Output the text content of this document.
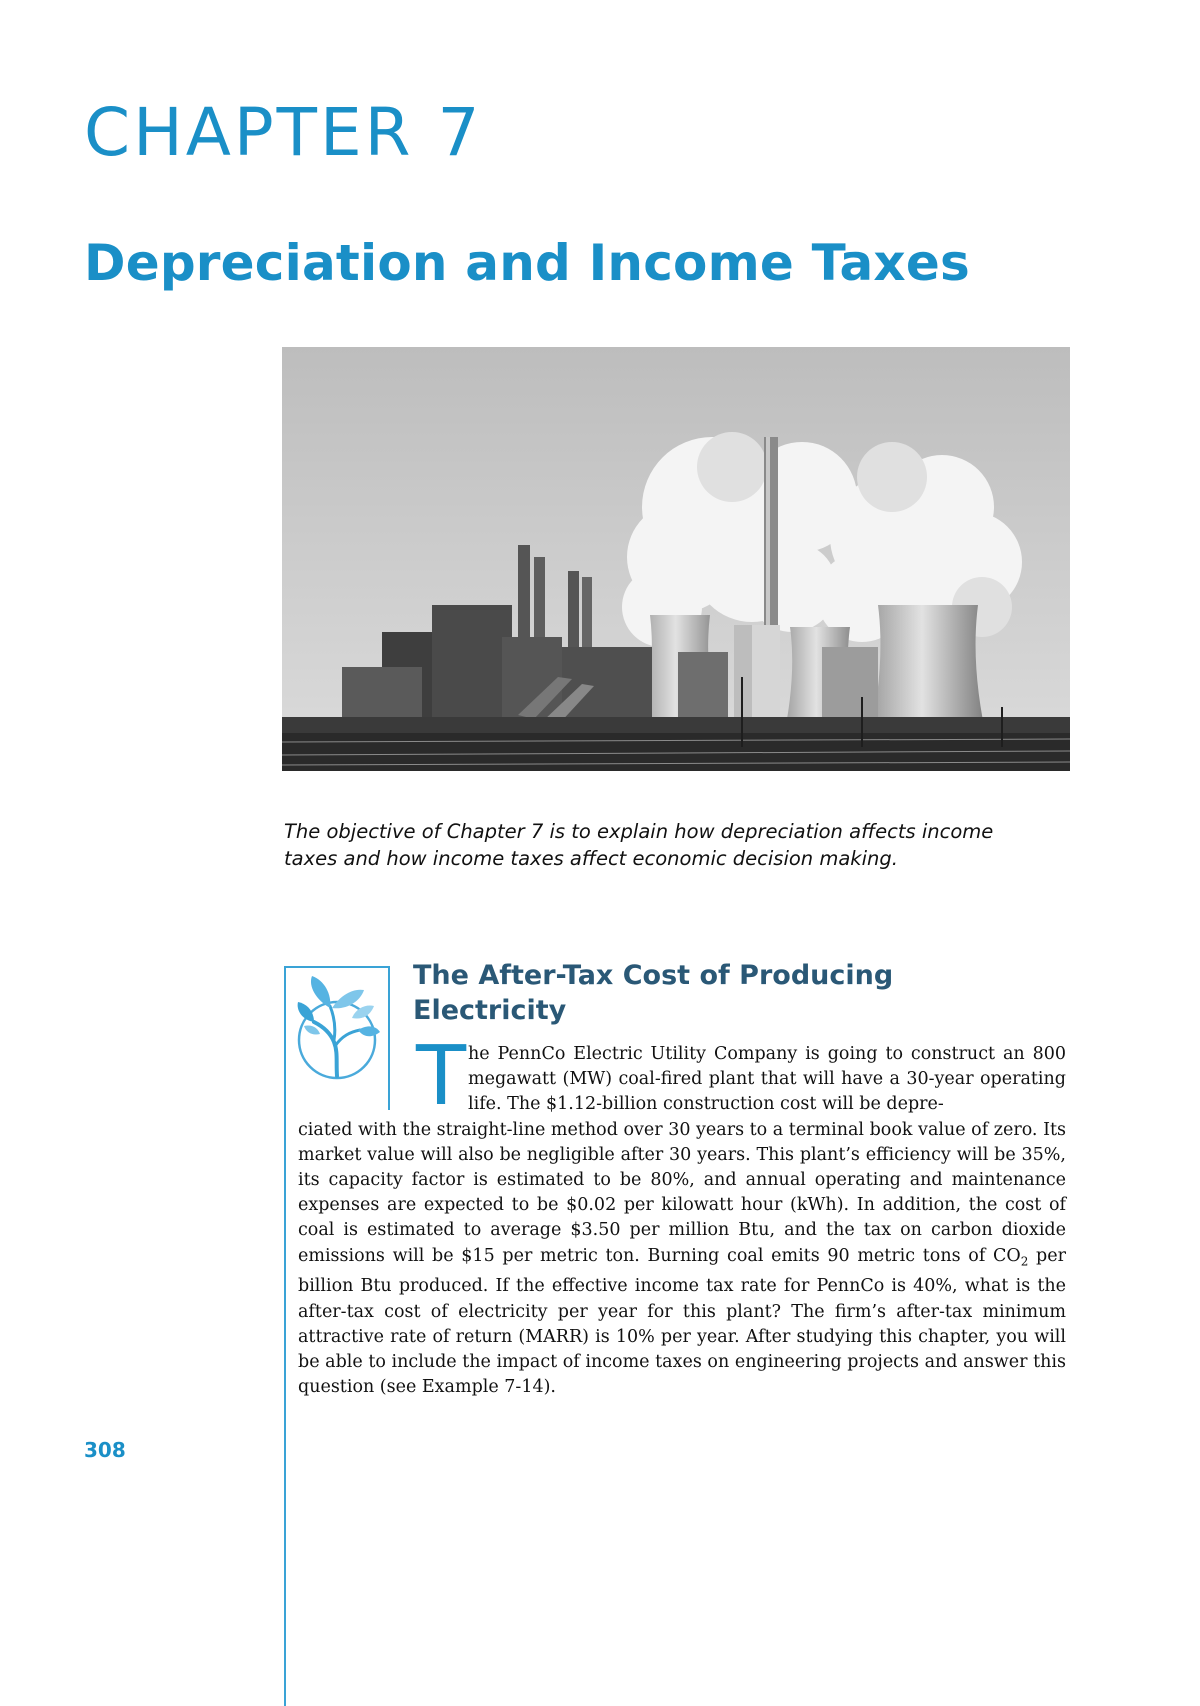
CHAPTER 7
Depreciation and Income Taxes
The objective of Chapter 7 is to explain how depreciation affects income taxes and how income taxes affect economic decision making.
The After-Tax Cost of Producing Electricity
T he PennCo Electric Utility Company is going to construct an 800 megawatt (MW) coal-fired plant that will have a 30-year operating life. The $1.12-billion construction cost will be depre-
ciated with the straight-line method over 30 years to a terminal book value of zero. Its market value will also be negligible after 30 years. This plant’s efficiency will be 35%, its capacity factor is estimated to be 80%, and annual operating and maintenance expenses are expected to be $0.02 per kilowatt hour (kWh). In addition, the cost of coal is estimated to average $3.50 per million Btu, and the tax on carbon dioxide emissions will be $15 per metric ton. Burning coal emits 90 metric tons of $CO_2$ per billion Btu produced. If the effective income tax rate for PennCo is 40%, what is the after-tax cost of electricity per year for this plant? The firm’s after-tax minimum attractive rate of return (MARR) is 10% per year. After studying this chapter, you will be able to include the impact of income taxes on engineering projects and answer this question (see Example 7-14).
308
